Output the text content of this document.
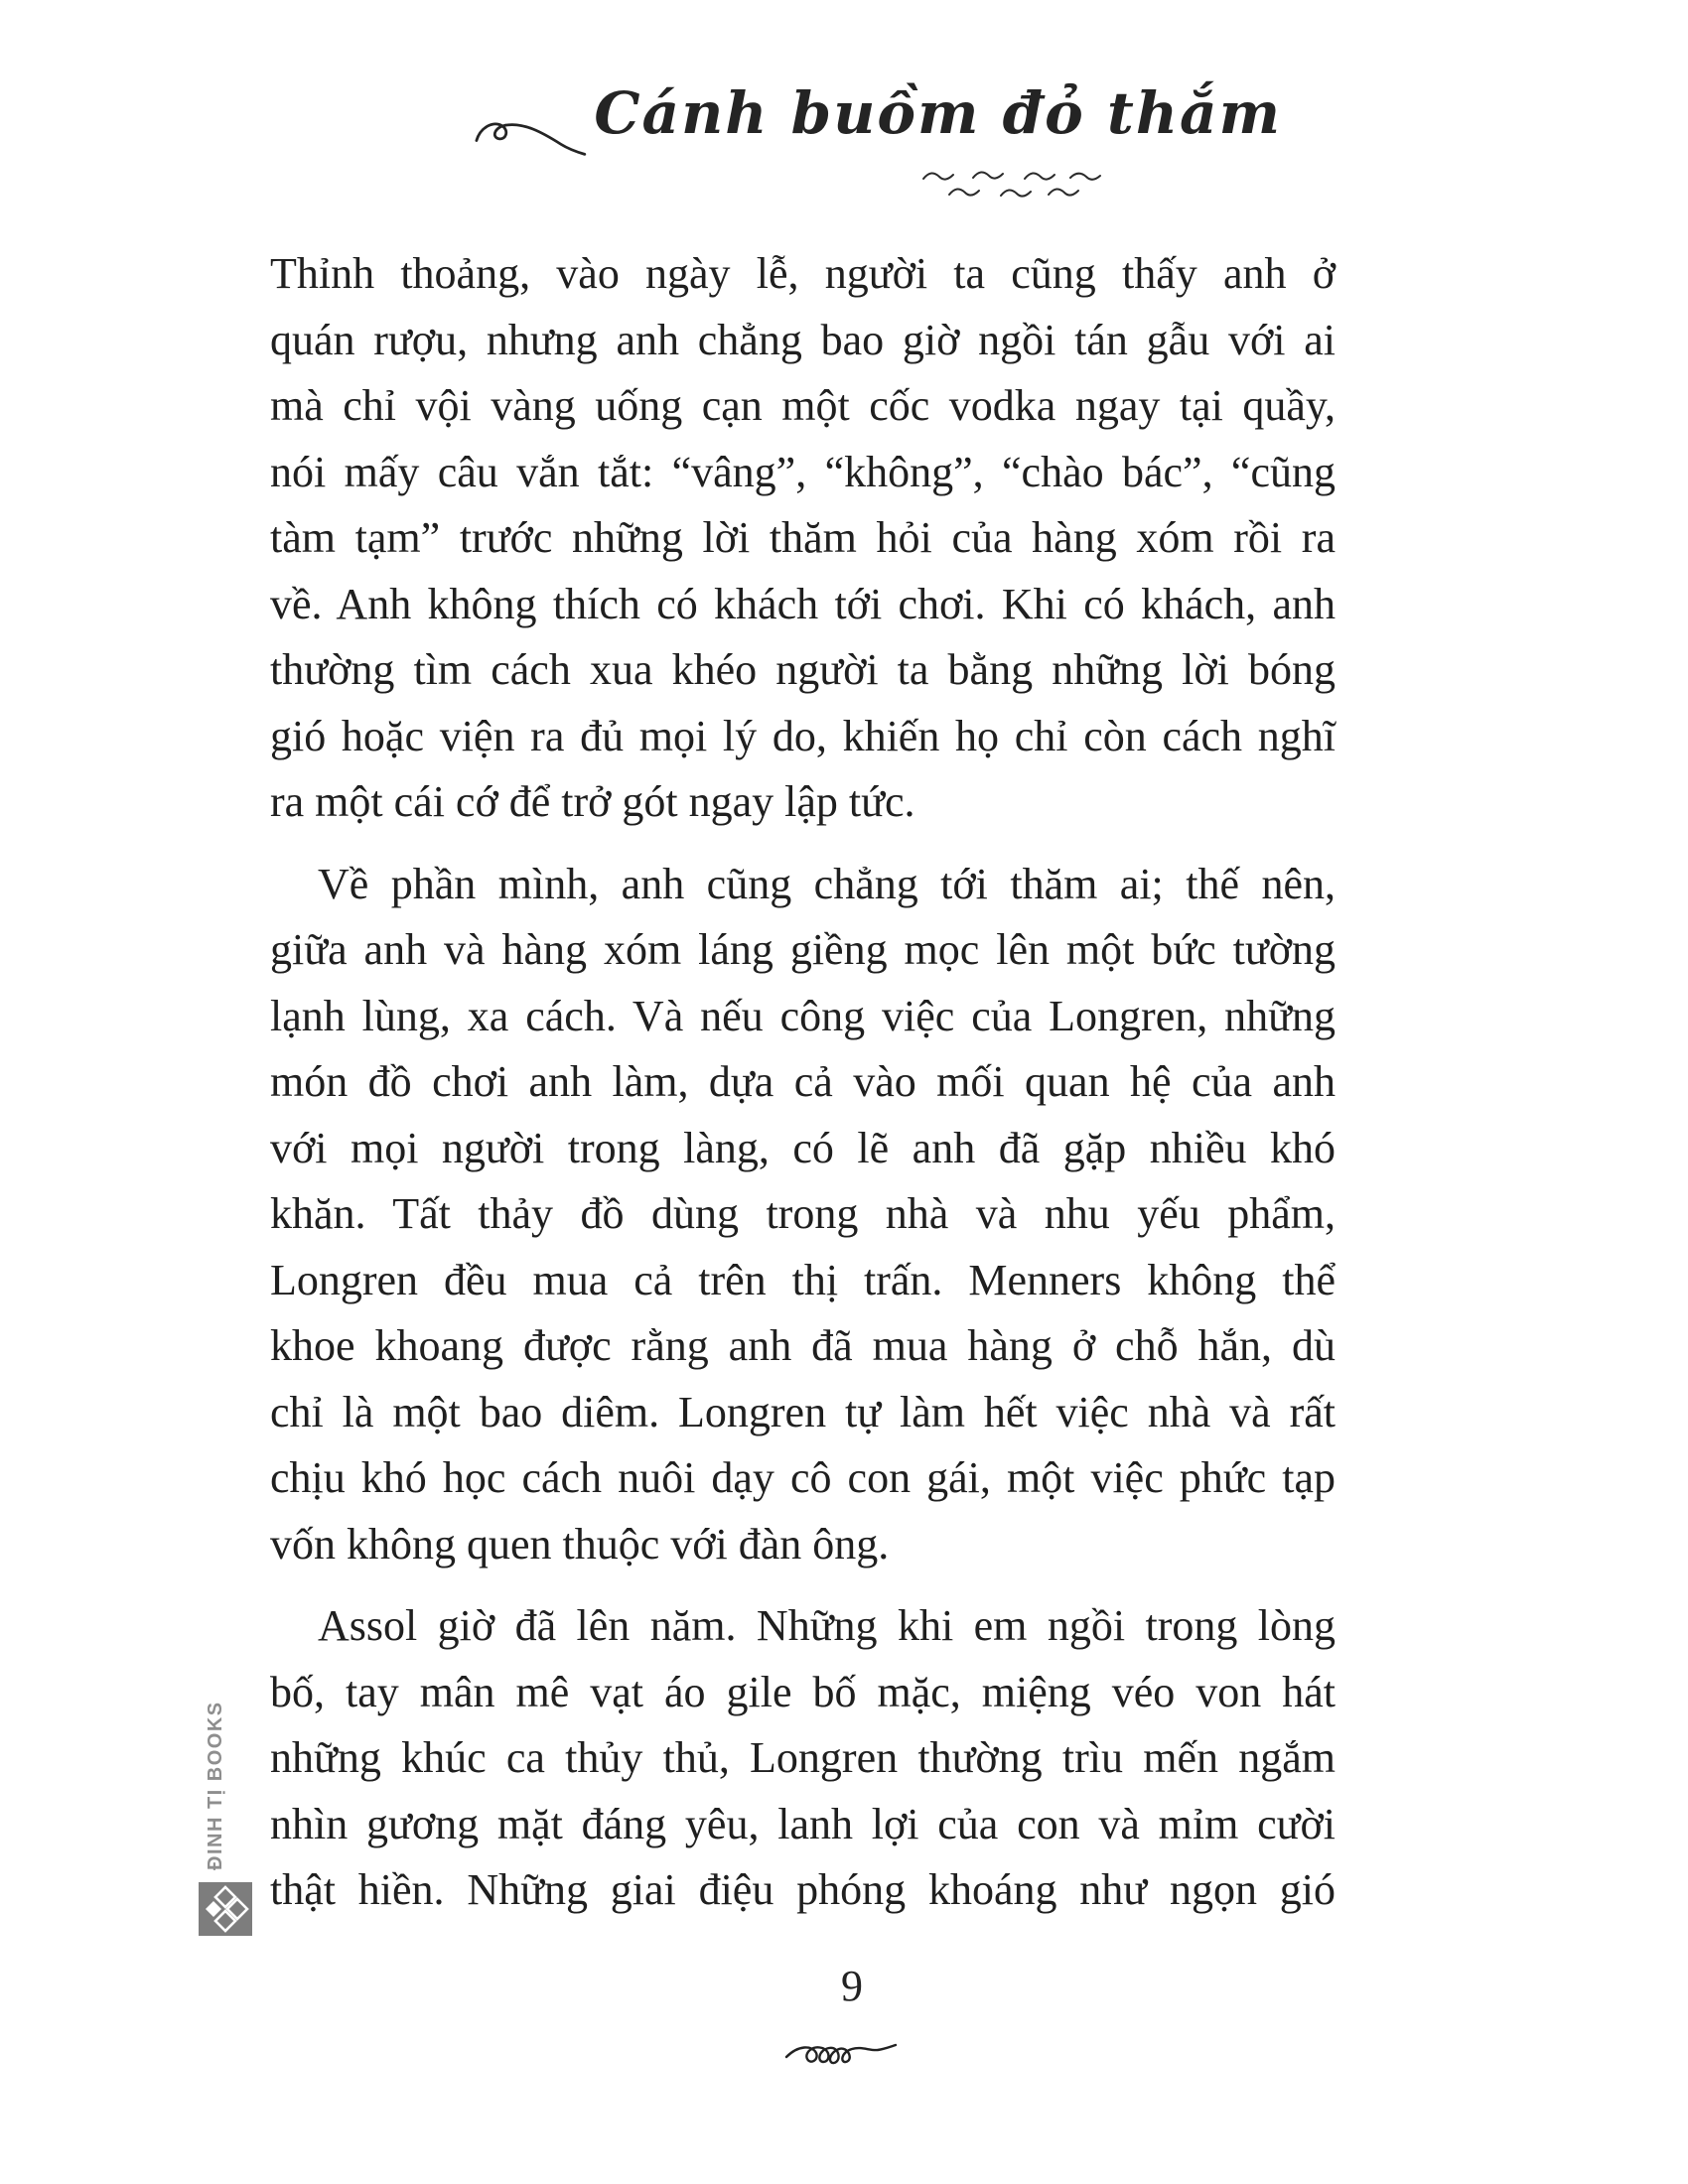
Cánh buồm đỏ thắm
Thỉnh thoảng, vào ngày lễ, người ta cũng thấy anh ở
quán rượu, nhưng anh chẳng bao giờ ngồi tán gẫu với ai
mà chỉ vội vàng uống cạn một cốc vodka ngay tại quầy,
nói mấy câu vắn tắt: “vâng”, “không”, “chào bác”, “cũng
tàm tạm” trước những lời thăm hỏi của hàng xóm rồi ra
về. Anh không thích có khách tới chơi. Khi có khách, anh
thường tìm cách xua khéo người ta bằng những lời bóng
gió hoặc viện ra đủ mọi lý do, khiến họ chỉ còn cách nghĩ
ra một cái cớ để trở gót ngay lập tức.
Về phần mình, anh cũng chẳng tới thăm ai; thế nên,
giữa anh và hàng xóm láng giềng mọc lên một bức tường
lạnh lùng, xa cách. Và nếu công việc của Longren, những
món đồ chơi anh làm, dựa cả vào mối quan hệ của anh
với mọi người trong làng, có lẽ anh đã gặp nhiều khó
khăn. Tất thảy đồ dùng trong nhà và nhu yếu phẩm,
Longren đều mua cả trên thị trấn. Menners không thể
khoe khoang được rằng anh đã mua hàng ở chỗ hắn, dù
chỉ là một bao diêm. Longren tự làm hết việc nhà và rất
chịu khó học cách nuôi dạy cô con gái, một việc phức tạp
vốn không quen thuộc với đàn ông.
Assol giờ đã lên năm. Những khi em ngồi trong lòng
bố, tay mân mê vạt áo gile bố mặc, miệng véo von hát
những khúc ca thủy thủ, Longren thường trìu mến ngắm
nhìn gương mặt đáng yêu, lanh lợi của con và mỉm cười
thật hiền. Những giai điệu phóng khoáng như ngọn gió
ĐINH TỊ BOOKS
9
